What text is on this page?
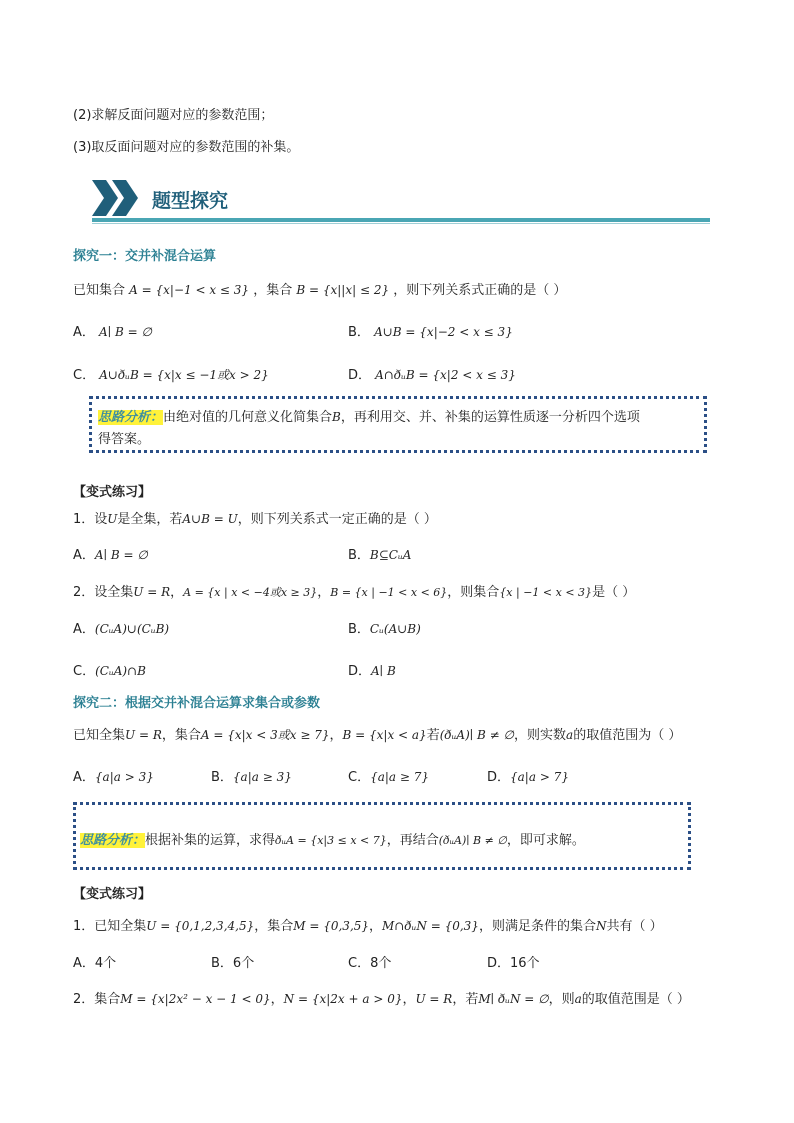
(2)求解反面问题对应的参数范围；
(3)取反面问题对应的参数范围的补集。
题型探究
探究一：交并补混合运算
已知集合 A = {x|−1 < x ≤ 3} ，集合 B = {x||x| ≤ 2} ，则下列关系式正确的是（ ）
A． A∣ B = ∅	B． A∪B = {x|−2 < x ≤ 3}
C． A∪ðᵤB = {x|x ≤ −1或x > 2}	D． A∩ðᵤB = {x|2 < x ≤ 3}
思路分析：由绝对值的几何意义化简集合B，再利用交、并、补集的运算性质逐一分析四个选项
得答案。
【变式练习】
1．设U是全集，若A∪B = U，则下列关系式一定正确的是（ ）
A．A∣ B = ∅	B．B⊆CᵤA
2．设全集U = R，A = {x | x < −4或x ≥ 3}，B = {x | −1 < x < 6}，则集合{x | −1 < x < 3}是（ ）
A．(CᵤA)∪(CᵤB)	B．Cᵤ(A∪B)
C．(CᵤA)∩B	D．A∣ B
探究二：根据交并补混合运算求集合或参数
已知全集U = R，集合A = {x|x < 3或x ≥ 7}，B = {x|x < a}若(ðᵤA)∣ B ≠ ∅，则实数a的取值范围为（ ）
A．{a|a > 3}	B．{a|a ≥ 3}	C．{a|a ≥ 7}	D．{a|a > 7}
思路分析：根据补集的运算，求得ðᵤA = {x|3 ≤ x < 7}，再结合(ðᵤA)∣ B ≠ ∅，即可求解。
【变式练习】
1．已知全集U = {0,1,2,3,4,5}，集合M = {0,3,5}，M∩ðᵤN = {0,3}，则满足条件的集合N共有（ ）
A．4个	B．6个	C．8个	D．16个
2．集合M = {x|2x² − x − 1 < 0}，N = {x|2x + a > 0}，U = R，若M∣ ðᵤN = ∅，则a的取值范围是（ ）
